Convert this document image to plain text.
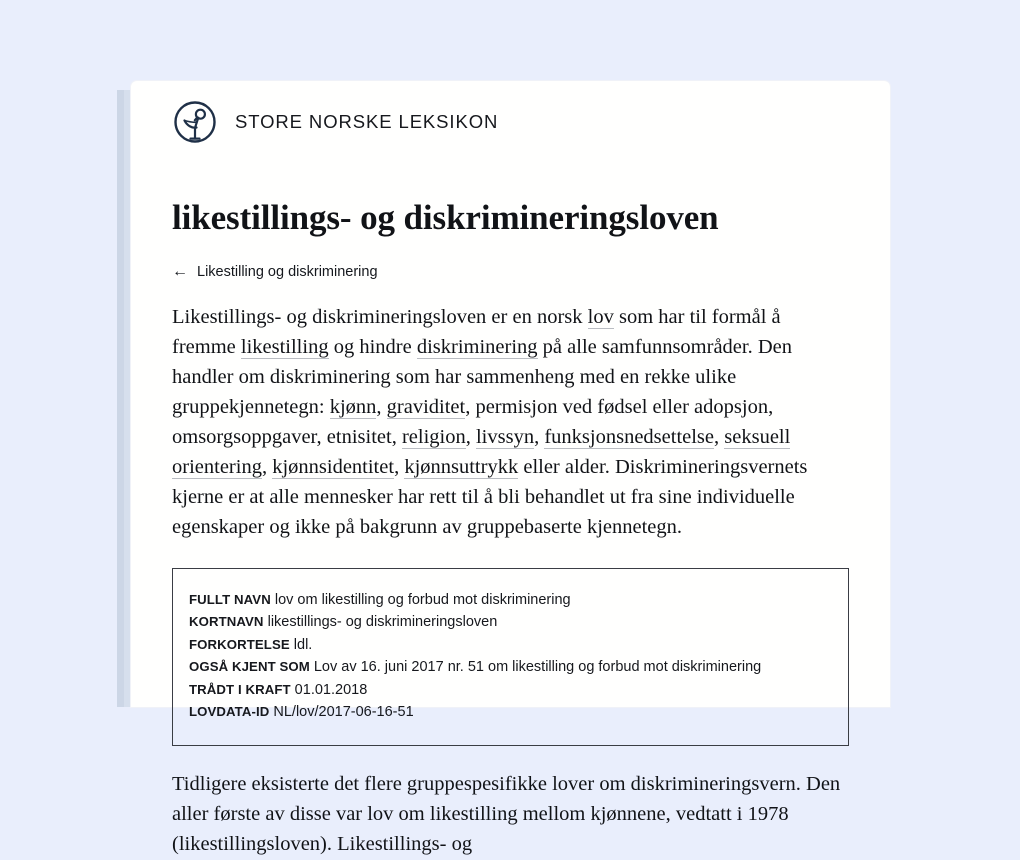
STORE NORSKE LEKSIKON
likestillings- og diskrimineringsloven
← Likestilling og diskriminering

Likestillings- og diskrimineringsloven er en norsk lov som har til formål å fremme likestilling og hindre diskriminering på alle samfunnsområder. Den handler om diskriminering som har sammenheng med en rekke ulike gruppekjennetegn: kjønn, graviditet, permisjon ved fødsel eller adopsjon, omsorgsoppgaver, etnisitet, religion, livssyn, funksjonsnedsettelse, seksuell orientering, kjønnsidentitet, kjønnsuttrykk eller alder. Diskrimineringsvernets kjerne er at alle mennesker har rett til å bli behandlet ut fra sine individuelle egenskaper og ikke på bakgrunn av gruppebaserte kjennetegn.

FULLT NAVN lov om likestilling og forbud mot diskriminering
KORTNAVN likestillings- og diskrimineringsloven
FORKORTELSE ldl.
OGSÅ KJENT SOM Lov av 16. juni 2017 nr. 51 om likestilling og forbud mot diskriminering
TRÅDT I KRAFT 01.01.2018
LOVDATA-ID NL/lov/2017-06-16-51

Tidligere eksisterte det flere gruppespesifikke lover om diskrimineringsvern. Den aller første av disse var lov om likestilling mellom kjønnene, vedtatt i 1978 (likestillingsloven). Likestillings- og
